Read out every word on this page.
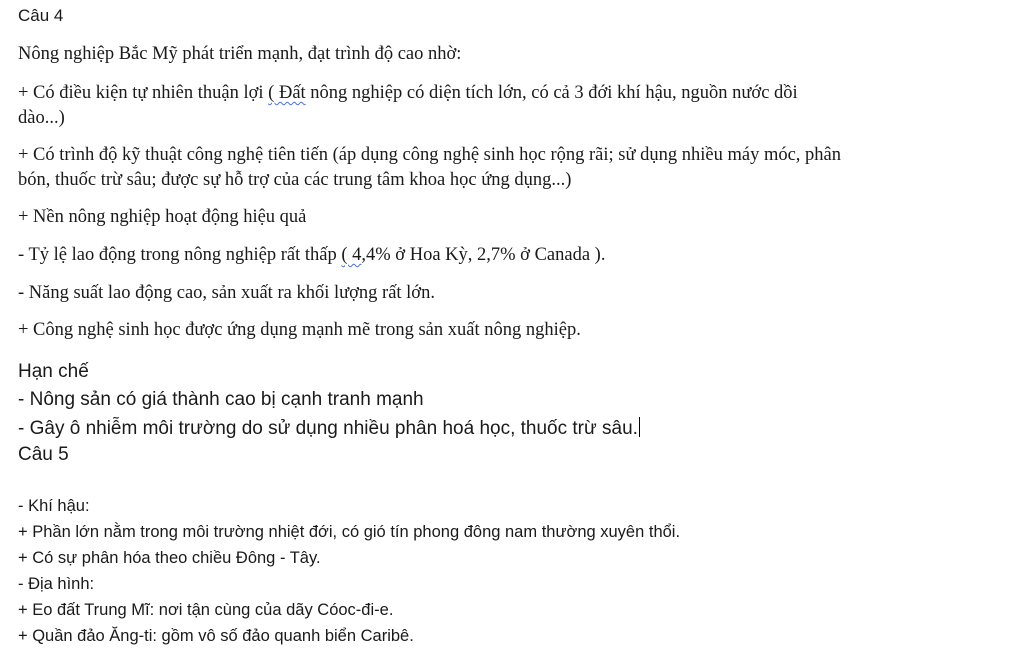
Câu 4
Nông nghiệp Bắc Mỹ phát triển mạnh, đạt trình độ cao nhờ:
+ Có điều kiện tự nhiên thuận lợi ( Đất nông nghiệp có diện tích lớn, có cả 3 đới khí hậu, nguồn nước dồi
dào...)
+ Có trình độ kỹ thuật công nghệ tiên tiến (áp dụng công nghệ sinh học rộng rãi; sử dụng nhiều máy móc, phân
bón, thuốc trừ sâu; được sự hỗ trợ của các trung tâm khoa học ứng dụng...)
+ Nền nông nghiệp hoạt động hiệu quả
- Tỷ lệ lao động trong nông nghiệp rất thấp ( 4,4% ở Hoa Kỳ, 2,7% ở Canada ).
- Năng suất lao động cao, sản xuất ra khối lượng rất lớn.
+ Công nghệ sinh học được ứng dụng mạnh mẽ trong sản xuất nông nghiệp.
Hạn chế
- Nông sản có giá thành cao bị cạnh tranh mạnh
- Gây ô nhiễm môi trường do sử dụng nhiều phân hoá học, thuốc trừ sâu.
Câu 5
- Khí hậu:
+ Phần lớn nằm trong môi trường nhiệt đới, có gió tín phong đông nam thường xuyên thổi.
+ Có sự phân hóa theo chiều Đông - Tây.
- Địa hình:
+ Eo đất Trung Mĩ: nơi tận cùng của dãy Cóoc-đi-e.
+ Quần đảo Ăng-ti: gồm vô số đảo quanh biển Caribê.
